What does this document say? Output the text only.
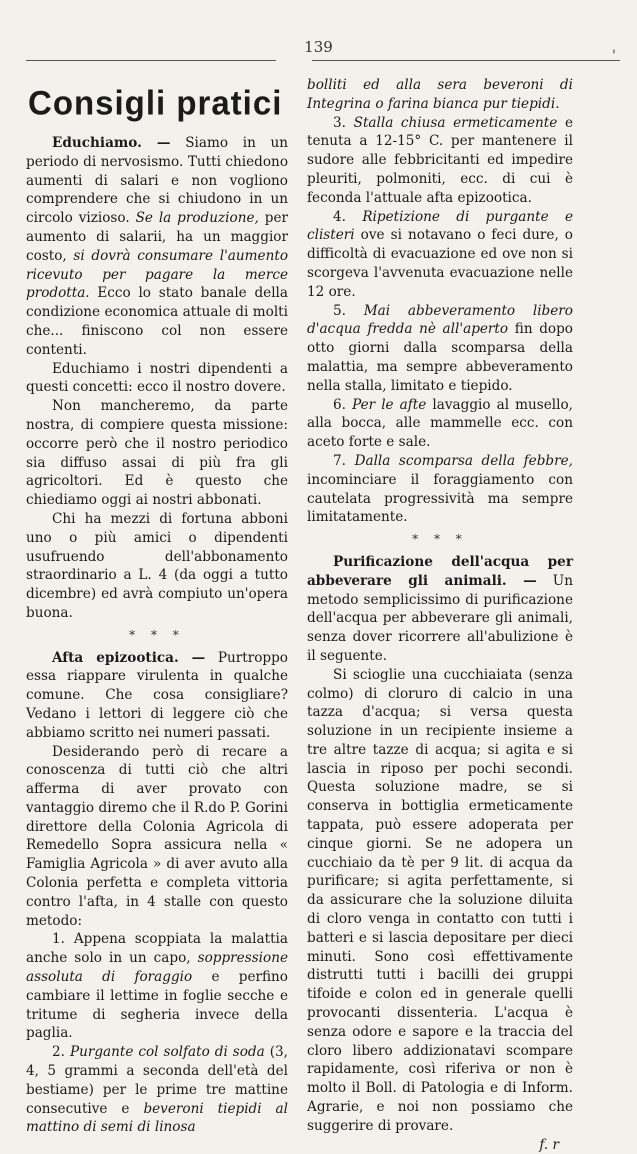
139	'
Consigli pratici

Educhiamo. — Siamo in un periodo di nervosismo. Tutti chiedono aumenti di salari e non vogliono comprendere che si chiudono in un circolo vizioso. Se la produzione, per aumento di salarii, ha un maggior costo, si dovrà consumare l'aumento ricevuto per pagare la merce prodotta. Ecco lo stato banale della condizione economica attuale di molti che... finiscono col non essere contenti.

Educhiamo i nostri dipendenti a questi concetti: ecco il nostro dovere.

Non mancheremo, da parte nostra, di compiere questa missione: occorre però che il nostro periodico sia diffuso assai di più fra gli agricoltori. Ed è questo che chiediamo oggi ai nostri abbonati.

Chi ha mezzi di fortuna abboni uno o più amici o dipendenti usufruendo dell'abbonamento straordinario a L. 4 (da oggi a tutto dicembre) ed avrà compiuto un'opera buona.

* * *

Afta epizootica. — Purtroppo essa riappare virulenta in qualche comune. Che cosa consigliare? Vedano i lettori di leggere ciò che abbiamo scritto nei numeri passati.

Desiderando però di recare a conoscenza di tutti ciò che altri afferma di aver provato con vantaggio diremo che il R.do P. Gorini direttore della Colonia Agricola di Remedello Sopra assicura nella « Famiglia Agricola » di aver avuto alla Colonia perfetta e completa vittoria contro l'afta, in 4 stalle con questo metodo:

1. Appena scoppiata la malattia anche solo in un capo, soppressione assoluta di foraggio e perfino cambiare il lettime in foglie secche e tritume di segheria invece della paglia.

2. Purgante col solfato di soda (3, 4, 5 grammi a seconda dell'età del bestiame) per le prime tre mattine consecutive e beveroni tiepidi al mattino di semi di linosa

bolliti ed alla sera beveroni di Integrina o farina bianca pur tiepidi.

3. Stalla chiusa ermeticamente e tenuta a 12-15° C. per mantenere il sudore alle febbricitanti ed impedire pleuriti, polmoniti, ecc. di cui è feconda l'attuale afta epizootica.

4. Ripetizione di purgante e clisteri ove si notavano o feci dure, o difficoltà di evacuazione ed ove non si scorgeva l'avvenuta evacuazione nelle 12 ore.

5. Mai abbeveramento libero d'acqua fredda nè all'aperto fin dopo otto giorni dalla scomparsa della malattia, ma sempre abbeveramento nella stalla, limitato e tiepido.

6. Per le afte lavaggio al musello, alla bocca, alle mammelle ecc. con aceto forte e sale.

7. Dalla scomparsa della febbre, incominciare il foraggiamento con cautelata progressività ma sempre limitatamente.

* * *

Purificazione dell'acqua per abbeverare gli animali. — Un metodo semplicissimo di purificazione dell'acqua per abbeverare gli animali, senza dover ricorrere all'abulizione è il seguente.

Si scioglie una cucchiaiata (senza colmo) di cloruro di calcio in una tazza d'acqua; si versa questa soluzione in un recipiente insieme a tre altre tazze di acqua; si agita e si lascia in riposo per pochi secondi. Questa soluzione madre, se si conserva in bottiglia ermeticamente tappata, può essere adoperata per cinque giorni. Se ne adopera un cucchiaio da tè per 9 lit. di acqua da purificare; si agita perfettamente, si da assicurare che la soluzione diluita di cloro venga in contatto con tutti i batteri e si lascia depositare per dieci minuti. Sono così effettivamente distrutti tutti i bacilli dei gruppi tifoide e colon ed in generale quelli provocanti dissenteria. L'acqua è senza odore e sapore e la traccia del cloro libero addizionatavi scompare rapidamente, così riferiva or non è molto il Boll. di Patologia e di Inform. Agrarie, e noi non possiamo che suggerire di provare.

f. r
